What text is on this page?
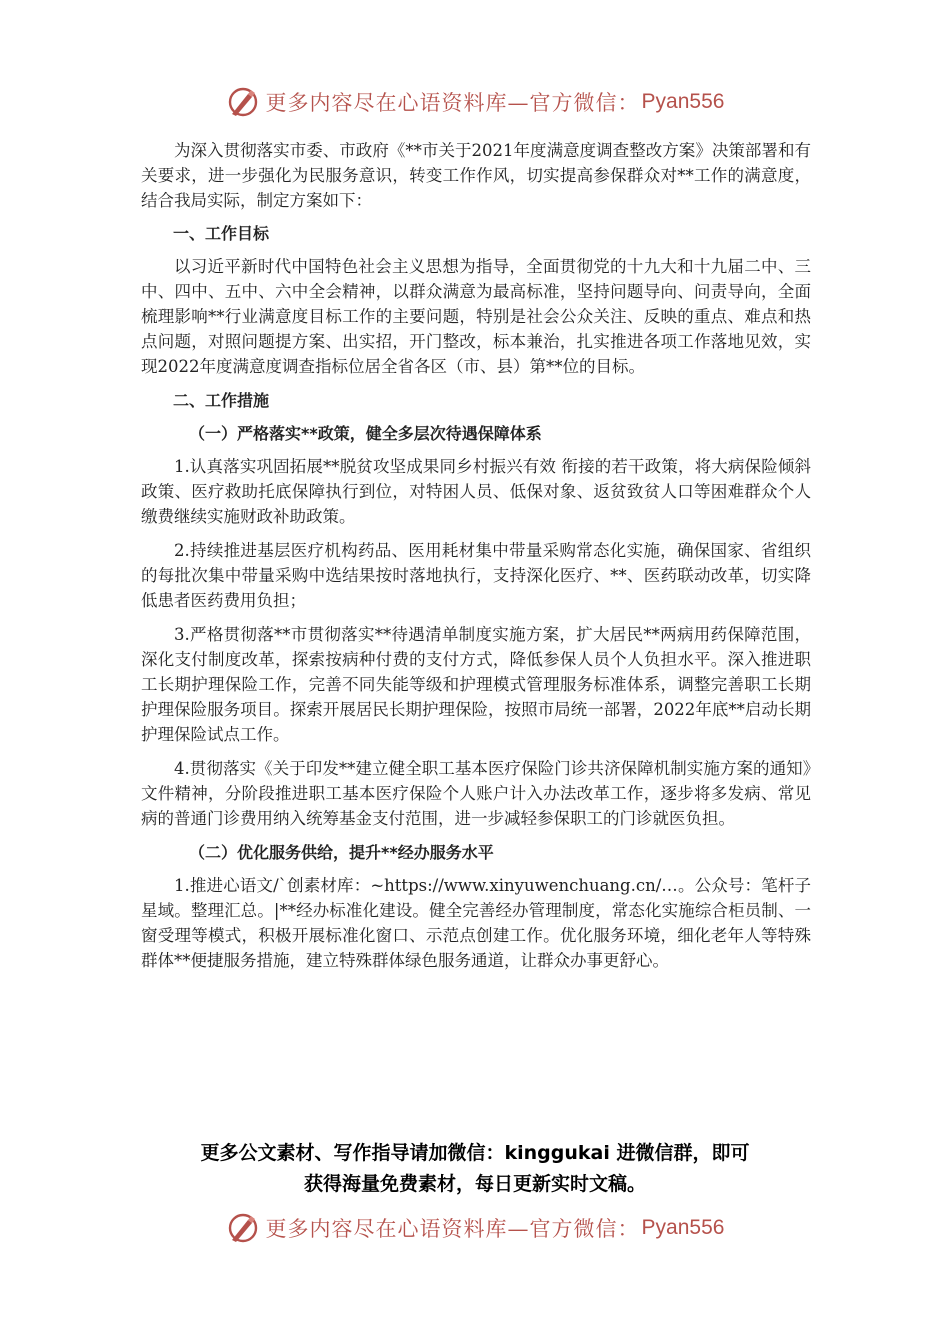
更多内容尽在心语资料库—官方微信： Pyan556

为深入贯彻落实市委、市政府《**市关于2021年度满意度调查整改方案》决策部署和有关要求，进一步强化为民服务意识，转变工作作风，切实提高参保群众对**工作的满意度，结合我局实际，制定方案如下：

一、工作目标

以习近平新时代中国特色社会主义思想为指导，全面贯彻党的十九大和十九届二中、三中、四中、五中、六中全会精神，以群众满意为最高标准，坚持问题导向、问责导向，全面梳理影响**行业满意度目标工作的主要问题，特别是社会公众关注、反映的重点、难点和热点问题，对照问题提方案、出实招，开门整改，标本兼治，扎实推进各项工作落地见效，实现2022年度满意度调查指标位居全省各区（市、县）第**位的目标。

二、工作措施

（一）严格落实**政策，健全多层次待遇保障体系

1.认真落实巩固拓展**脱贫攻坚成果同乡村振兴有效 衔接的若干政策，将大病保险倾斜政策、医疗救助托底保障执行到位，对特困人员、低保对象、返贫致贫人口等困难群众个人缴费继续实施财政补助政策。

2.持续推进基层医疗机构药品、医用耗材集中带量采购常态化实施，确保国家、省组织的每批次集中带量采购中选结果按时落地执行，支持深化医疗、**、医药联动改革，切实降低患者医药费用负担；

3.严格贯彻落**市贯彻落实**待遇清单制度实施方案，扩大居民**两病用药保障范围，深化支付制度改革，探索按病种付费的支付方式，降低参保人员个人负担水平。深入推进职工长期护理保险工作，完善不同失能等级和护理模式管理服务标准体系，调整完善职工长期护理保险服务项目。探索开展居民长期护理保险，按照市局统一部署，2022年底**启动长期护理保险试点工作。

4.贯彻落实《关于印发**建立健全职工基本医疗保险门诊共济保障机制实施方案的通知》文件精神，分阶段推进职工基本医疗保险个人账户计入办法改革工作，逐步将多发病、常见病的普通门诊费用纳入统筹基金支付范围，进一步减轻参保职工的门诊就医负担。

（二）优化服务供给，提升**经办服务水平

1.推进心语文/`创素材库：~https://www.xinyuwenchuang.cn/…。公众号：笔杆子星域。整理汇总。|**经办标准化建设。健全完善经办管理制度，常态化实施综合柜员制、一窗受理等模式，积极开展标准化窗口、示范点创建工作。优化服务环境，细化老年人等特殊群体**便捷服务措施，建立特殊群体绿色服务通道，让群众办事更舒心。

更多公文素材、写作指导请加微信：kinggukai 进微信群，即可
获得海量免费素材，每日更新实时文稿。
更多内容尽在心语资料库—官方微信： Pyan556
